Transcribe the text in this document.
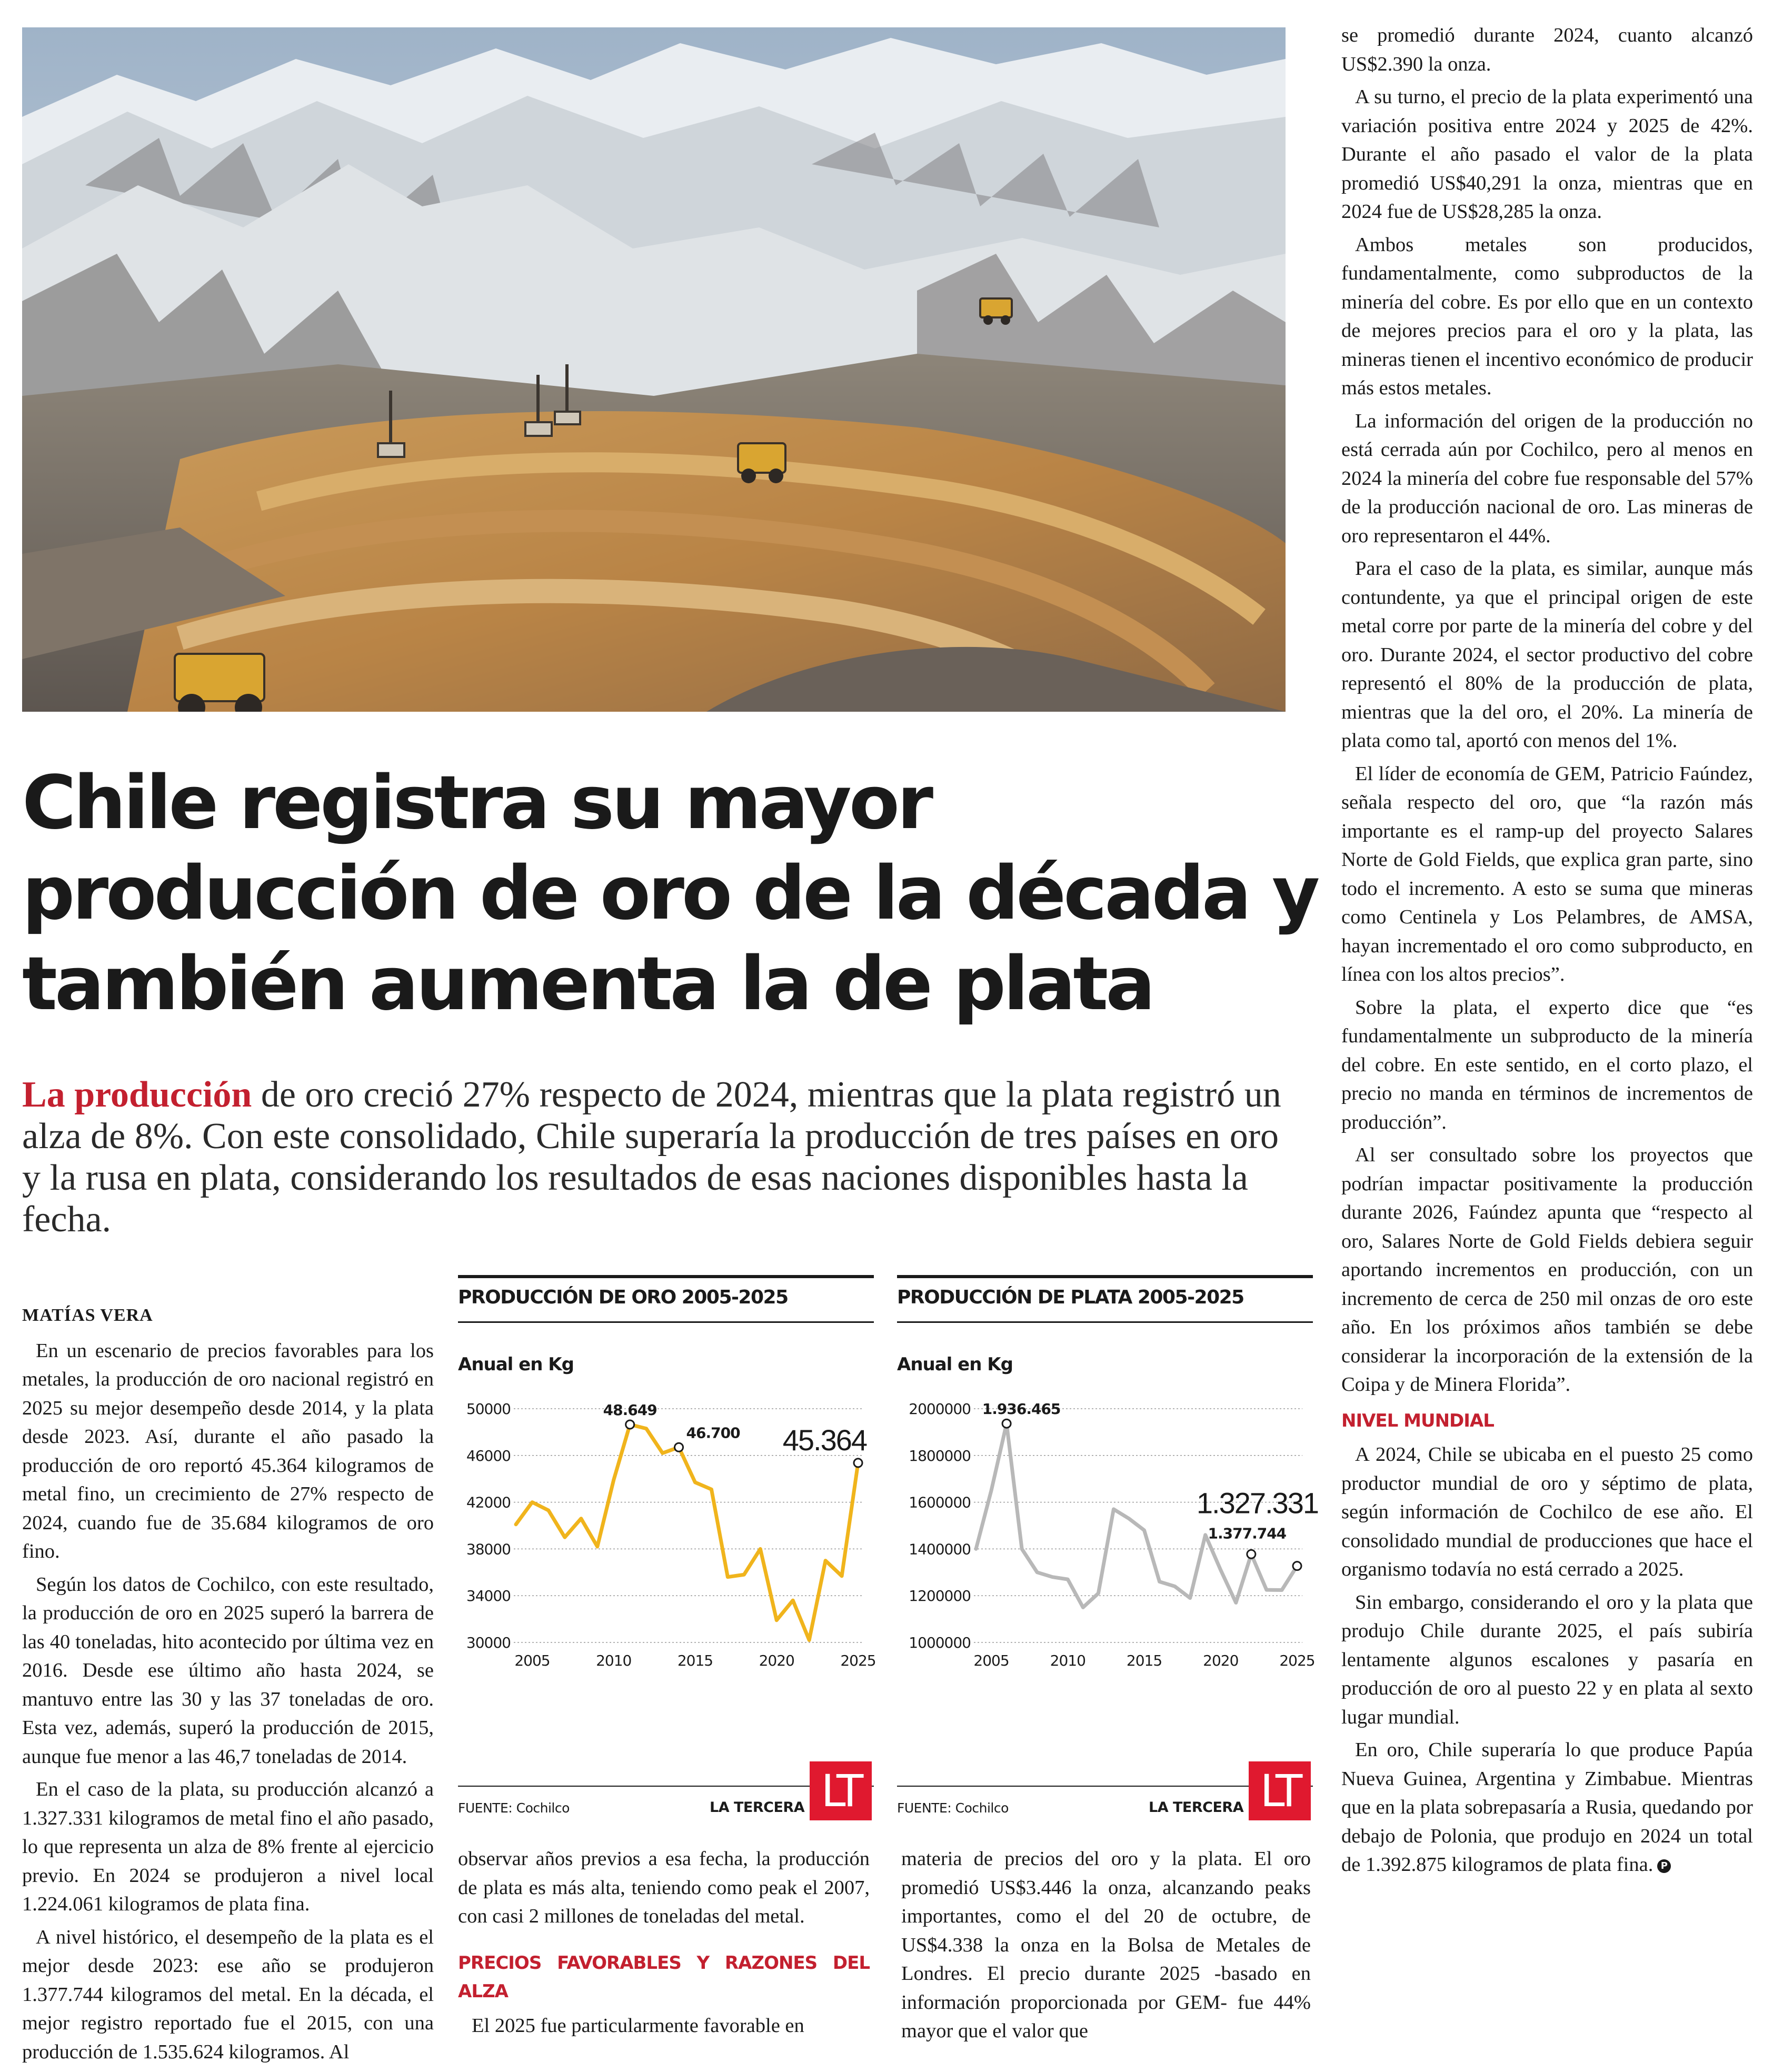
Chile registra su mayor
producción de oro de la década y
también aumenta la de plata

La producción de oro creció 27% respecto de 2024, mientras que la plata registró un alza de 8%. Con este consolidado, Chile superaría la producción de tres países en oro y la rusa en plata, considerando los resultados de esas naciones disponibles hasta la fecha.

MATÍAS VERA

En un escenario de precios favorables para los metales, la producción de oro nacional registró en 2025 su mejor desempeño desde 2014, y la plata desde 2023. Así, durante el año pasado la producción de oro reportó 45.364 kilogramos de metal fino, un crecimiento de 27% respecto de 2024, cuando fue de 35.684 kilogramos de oro fino.

Según los datos de Cochilco, con este resultado, la producción de oro en 2025 superó la barrera de las 40 toneladas, hito acontecido por última vez en 2016. Desde ese último año hasta 2024, se mantuvo entre las 30 y las 37 toneladas de oro. Esta vez, además, superó la producción de 2015, aunque fue menor a las 46,7 toneladas de 2014.

En el caso de la plata, su producción alcanzó a 1.327.331 kilogramos de metal fino el año pasado, lo que representa un alza de 8% frente al ejercicio previo. En 2024 se produjeron a nivel local 1.224.061 kilogramos de plata fina.

A nivel histórico, el desempeño de la plata es el mejor desde 2023: ese año se produjeron 1.377.744 kilogramos del metal. En la década, el mejor registro reportado fue el 2015, con una producción de 1.535.624 kilogramos. Al

PRODUCCIÓN DE ORO 2005-2025
Anual en Kg
30000
34000
38000
42000
46000
50000
2005	2010	2015	2020	2025
48.649
46.700 45.364
FUENTE: Cochilco	LA TERCERA LT
PRODUCCIÓN DE PLATA 2005-2025
Anual en Kg
1000000
1200000
1400000
1600000
1800000
2000000
2005	2010	2015	2020	2025
1.936.465
1.377.744
1.327.331
FUENTE: Cochilco	LA TERCERA LT

observar años previos a esa fecha, la producción de plata es más alta, teniendo como peak el 2007, con casi 2 millones de toneladas del metal.

PRECIOS FAVORABLES Y RAZONES DEL ALZA

El 2025 fue particularmente favorable en

materia de precios del oro y la plata. El oro promedió US$3.446 la onza, alcanzando peaks importantes, como el del 20 de octubre, de US$4.338 la onza en la Bolsa de Metales de Londres. El precio durante 2025 -basado en información proporcionada por GEM- fue 44% mayor que el valor que

se promedió durante 2024, cuanto alcanzó US$2.390 la onza.

A su turno, el precio de la plata experimentó una variación positiva entre 2024 y 2025 de 42%. Durante el año pasado el valor de la plata promedió US$40,291 la onza, mientras que en 2024 fue de US$28,285 la onza.

Ambos metales son producidos, fundamentalmente, como subproductos de la minería del cobre. Es por ello que en un contexto de mejores precios para el oro y la plata, las mineras tienen el incentivo económico de producir más estos metales.

La información del origen de la producción no está cerrada aún por Cochilco, pero al menos en 2024 la minería del cobre fue responsable del 57% de la producción nacional de oro. Las mineras de oro representaron el 44%.

Para el caso de la plata, es similar, aunque más contundente, ya que el principal origen de este metal corre por parte de la minería del cobre y del oro. Durante 2024, el sector productivo del cobre representó el 80% de la producción de plata, mientras que la del oro, el 20%. La minería de plata como tal, aportó con menos del 1%.

El líder de economía de GEM, Patricio Faúndez, señala respecto del oro, que “la razón más importante es el ramp-up del proyecto Salares Norte de Gold Fields, que explica gran parte, sino todo el incremento. A esto se suma que mineras como Centinela y Los Pelambres, de AMSA, hayan incrementado el oro como subproducto, en línea con los altos precios”.

Sobre la plata, el experto dice que “es fundamentalmente un subproducto de la minería del cobre. En este sentido, en el corto plazo, el precio no manda en términos de incrementos de producción”.

Al ser consultado sobre los proyectos que podrían impactar positivamente la producción durante 2026, Faúndez apunta que “respecto al oro, Salares Norte de Gold Fields debiera seguir aportando incrementos en producción, con un incremento de cerca de 250 mil onzas de oro este año. En los próximos años también se debe considerar la incorporación de la extensión de la Coipa y de Minera Florida”.

NIVEL MUNDIAL

A 2024, Chile se ubicaba en el puesto 25 como productor mundial de oro y séptimo de plata, según información de Cochilco de ese año. El consolidado mundial de producciones que hace el organismo todavía no está cerrado a 2025.

Sin embargo, considerando el oro y la plata que produjo Chile durante 2025, el país subiría lentamente algunos escalones y pasaría en producción de oro al puesto 22 y en plata al sexto lugar mundial.

En oro, Chile superaría lo que produce Papúa Nueva Guinea, Argentina y Zimbabue. Mientras que en la plata sobrepasaría a Rusia, quedando por debajo de Polonia, que produjo en 2024 un total de 1.392.875 kilogramos de plata fina. P
